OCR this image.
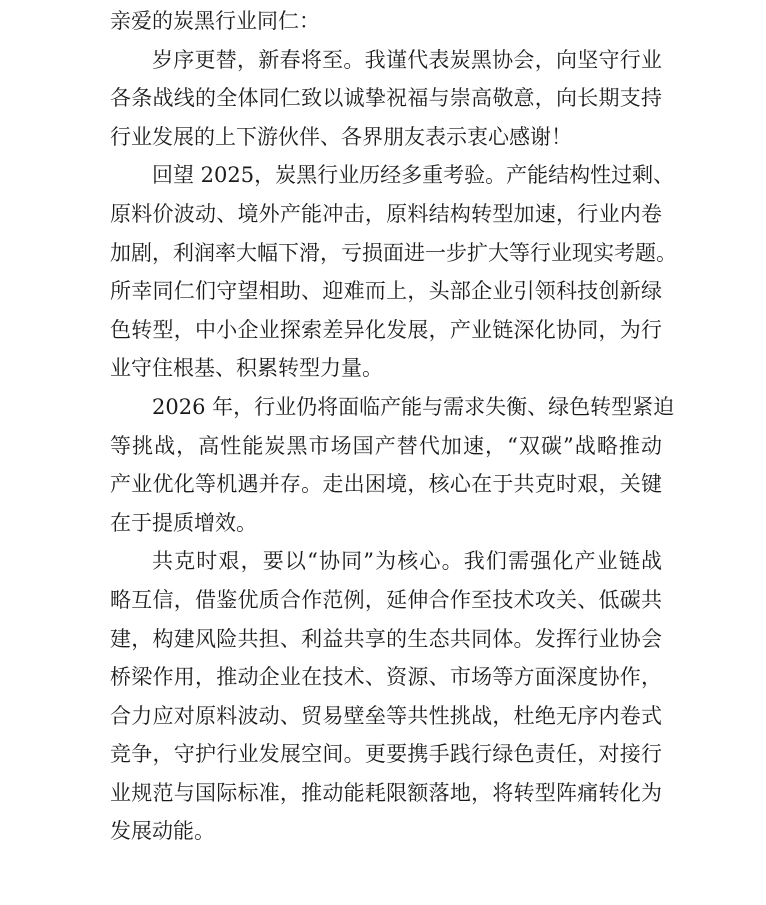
亲爱的炭黑行业同仁：
岁序更替，新春将至。我谨代表炭黑协会，向坚守行业
各条战线的全体同仁致以诚挚祝福与崇高敬意，向长期支持
行业发展的上下游伙伴、各界朋友表示衷心感谢！
回望 2025，炭黑行业历经多重考验。产能结构性过剩、
原料价波动、境外产能冲击，原料结构转型加速，行业内卷
加剧，利润率大幅下滑，亏损面进一步扩大等行业现实考题。
所幸同仁们守望相助、迎难而上，头部企业引领科技创新绿
色转型，中小企业探索差异化发展，产业链深化协同，为行
业守住根基、积累转型力量。
2026 年，行业仍将面临产能与需求失衡、绿色转型紧迫
等挑战，高性能炭黑市场国产替代加速，“双碳”战略推动
产业优化等机遇并存。走出困境，核心在于共克时艰，关键
在于提质增效。
共克时艰，要以“协同”为核心。我们需强化产业链战
略互信，借鉴优质合作范例，延伸合作至技术攻关、低碳共
建，构建风险共担、利益共享的生态共同体。发挥行业协会
桥梁作用，推动企业在技术、资源、市场等方面深度协作，
合力应对原料波动、贸易壁垒等共性挑战，杜绝无序内卷式
竞争，守护行业发展空间。更要携手践行绿色责任，对接行
业规范与国际标准，推动能耗限额落地，将转型阵痛转化为
发展动能。
